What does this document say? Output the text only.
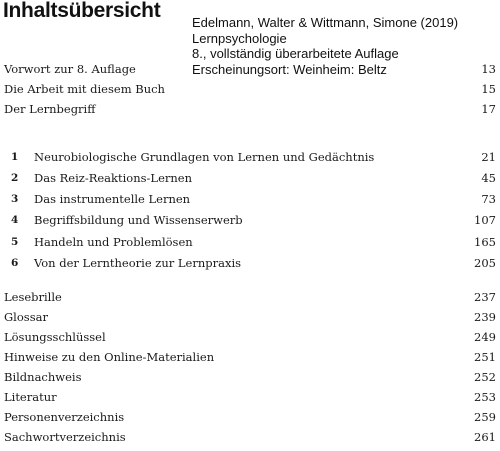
Inhaltsübersicht
Edelmann, Walter & Wittmann, Simone (2019)
Lernpsychologie
8., vollständig überarbeitete Auflage
Erscheinungsort: Weinheim: Beltz
Vorwort zur 8. Auflage	13
Die Arbeit mit diesem Buch	15
Der Lernbegriff	17
1 Neurobiologische Grundlagen von Lernen und Gedächtnis	21
2 Das Reiz-Reaktions-Lernen	45
3 Das instrumentelle Lernen	73
4 Begriffsbildung und Wissenserwerb	107
5 Handeln und Problemlösen	165
6 Von der Lerntheorie zur Lernpraxis	205
Lesebrille	237
Glossar	239
Lösungsschlüssel	249
Hinweise zu den Online-Materialien	251
Bildnachweis	252
Literatur	253
Personenverzeichnis	259
Sachwortverzeichnis	261
